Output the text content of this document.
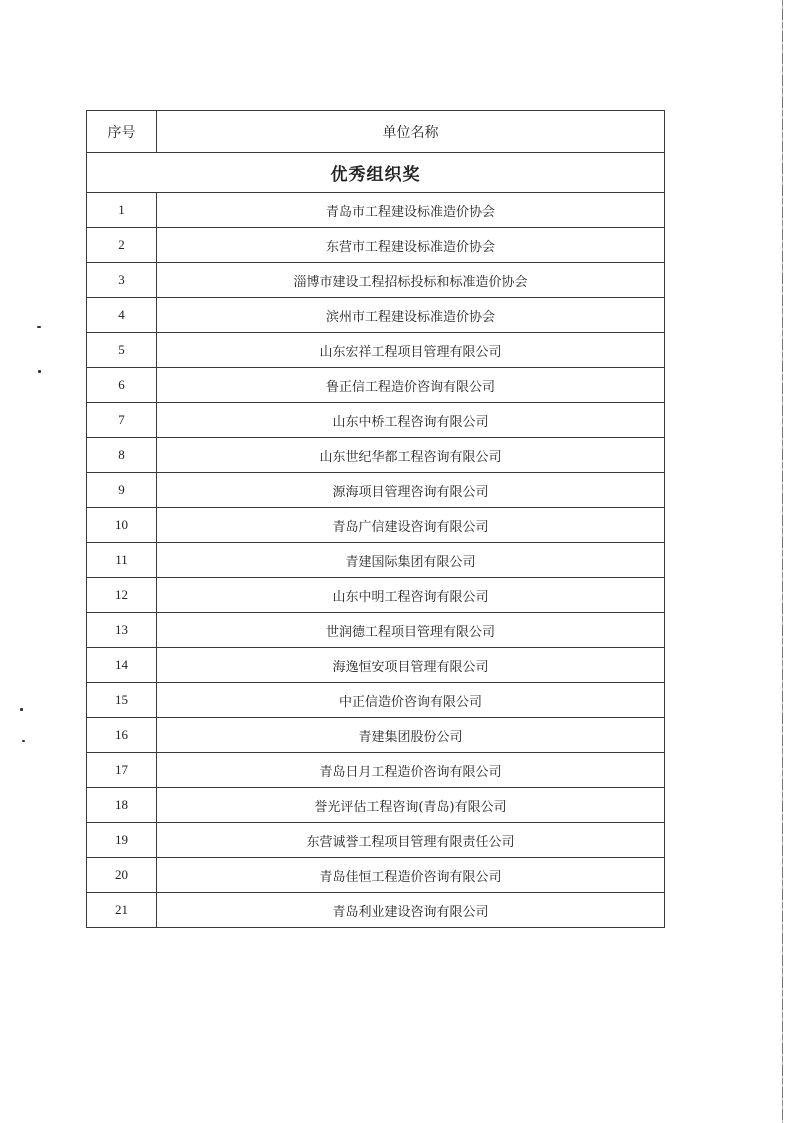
序号	单位名称
优秀组织奖	
1	青岛市工程建设标准造价协会
2	东营市工程建设标准造价协会
3	淄博市建设工程招标投标和标准造价协会
4	滨州市工程建设标准造价协会
5	山东宏祥工程项目管理有限公司
6	鲁正信工程造价咨询有限公司
7	山东中桥工程咨询有限公司
8	山东世纪华都工程咨询有限公司
9	源海项目管理咨询有限公司
10	青岛广信建设咨询有限公司
11	青建国际集团有限公司
12	山东中明工程咨询有限公司
13	世润德工程项目管理有限公司
14	海逸恒安项目管理有限公司
15	中正信造价咨询有限公司
16	青建集团股份公司
17	青岛日月工程造价咨询有限公司
18	誉光评估工程咨询(青岛)有限公司
19	东营诚誉工程项目管理有限责任公司
20	青岛佳恒工程造价咨询有限公司
21	青岛利业建设咨询有限公司
